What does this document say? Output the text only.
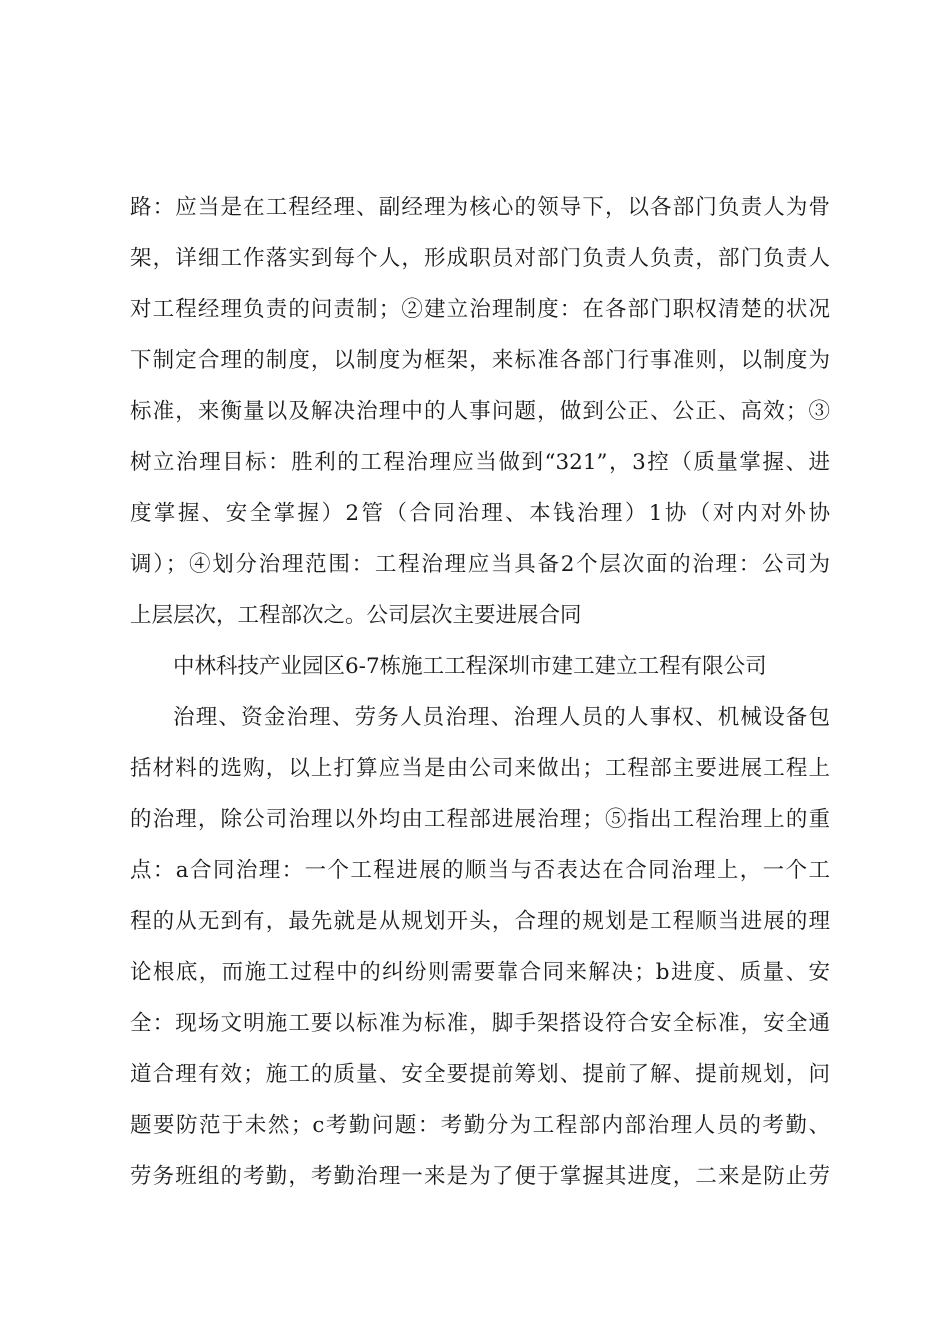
路：应当是在工程经理、副经理为核心的领导下，以各部门负责人为骨
架，详细工作落实到每个人，形成职员对部门负责人负责，部门负责人
对工程经理负责的问责制；②建立治理制度：在各部门职权清楚的状况
下制定合理的制度，以制度为框架，来标准各部门行事准则，以制度为
标准，来衡量以及解决治理中的人事问题，做到公正、公正、高效；③
树立治理目标：胜利的工程治理应当做到“321”，3控（质量掌握、进
度掌握、安全掌握）2管（合同治理、本钱治理）1协（对内对外协
调）；④划分治理范围：工程治理应当具备2个层次面的治理：公司为
上层层次，工程部次之。公司层次主要进展合同
中林科技产业园区6-7栋施工工程深圳市建工建立工程有限公司
治理、资金治理、劳务人员治理、治理人员的人事权、机械设备包
括材料的选购，以上打算应当是由公司来做出；工程部主要进展工程上
的治理，除公司治理以外均由工程部进展治理；⑤指出工程治理上的重
点：a合同治理：一个工程进展的顺当与否表达在合同治理上，一个工
程的从无到有，最先就是从规划开头，合理的规划是工程顺当进展的理
论根底，而施工过程中的纠纷则需要靠合同来解决；b进度、质量、安
全：现场文明施工要以标准为标准，脚手架搭设符合安全标准，安全通
道合理有效；施工的质量、安全要提前筹划、提前了解、提前规划，问
题要防范于未然；c考勤问题：考勤分为工程部内部治理人员的考勤、
劳务班组的考勤，考勤治理一来是为了便于掌握其进度，二来是防止劳
